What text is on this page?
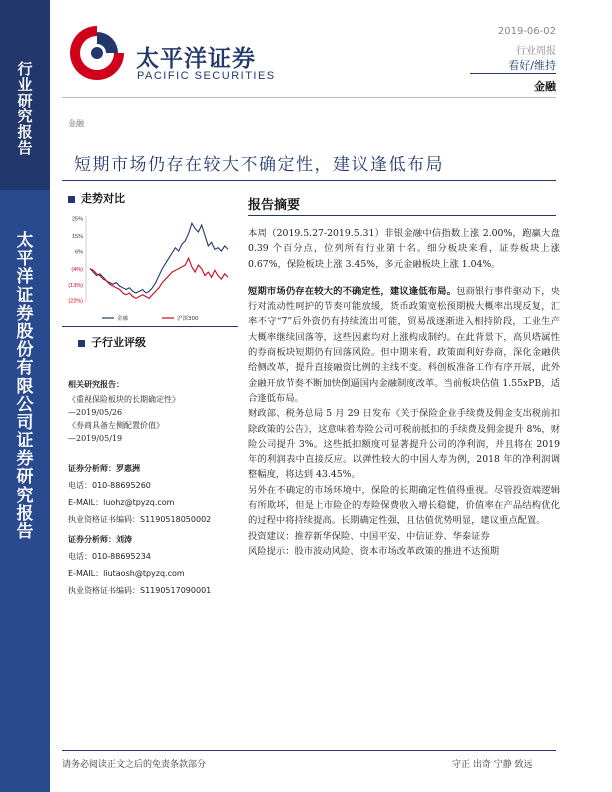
行
业
研
究
报
告
太
平
洋
证
券
股
份
有
限
公
司
证
券
研
究
报
告
太平洋证券
PACIFIC SECURITIES
2019-06-02
行业周报
看好/维持
金融
金融
短期市场仍存在较大不确定性，建议逢低布局
走势对比
25%
15%
6%
(4%)
(13%)
(22%)
金融	沪深300
子行业评级
相关研究报告：
《重视保险板块的长期确定性》
—2019/05/26
《券商具备左侧配置价值》
—2019/05/19
证券分析师：罗惠洲
电话：010-88695260
E-MAIL：luohz@tpyzq.com
执业资格证书编码：S1190518050002
证券分析师：刘涛
电话：010-88695234
E-MAIL：liutaosh@tpyzq.com
执业资格证书编码：S1190517090001
报告摘要

本周（2019.5.27-2019.5.31）非银金融中信指数上涨 2.00%，跑赢大盘 0.39 个百分点，位列所有行业第十名。细分板块来看，证券板块上涨 0.67%，保险板块上涨 3.45%，多元金融板块上涨 1.04%。

短期市场仍存在较大的不确定性，建议逢低布局。包商银行事件驱动下，央行对流动性呵护的节奏可能放缓，货币政策宽松预期极大概率出现反复，汇率不守“7”后外资仍有持续流出可能，贸易战逐渐进入相持阶段，工业生产大概率继续回落等，这些因素均对上涨构成制约。在此背景下，高贝塔属性的券商板块短期仍有回落风险。但中期来看，政策面利好券商，深化金融供给侧改革，提升直接融资比例的主线不变。科创板准备工作有序开展，此外金融开放节奏不断加快倒逼国内金融制度改革。当前板块估值 1.55xPB，适合逢低布局。

财政部、税务总局 5 月 29 日发布《关于保险企业手续费及佣金支出税前扣除政策的公告》，这意味着寿险公司可税前抵扣的手续费及佣金提升 8%，财险公司提升 3%。这些抵扣额度可显著提升公司的净利润，并且将在 2019 年的利润表中直接反应。以弹性较大的中国人寿为例，2018 年的净利润调整幅度，将达到 43.45%。

另外在不确定的市场环境中，保险的长期确定性值得重视。尽管投资端逻辑有所欺坏，但是上市险企的寿险保费收入增长稳健，价值率在产品结构优化的过程中将持续提高。长期确定性强，且估值优势明显，建议重点配置。

投资建议：推荐新华保险、中国平安、中信证券、华泰证券

风险提示：股市波动风险、资本市场改革政策的推进不达预期

请务必阅读正文之后的免责条款部分	守正 出奇 宁静 致远
